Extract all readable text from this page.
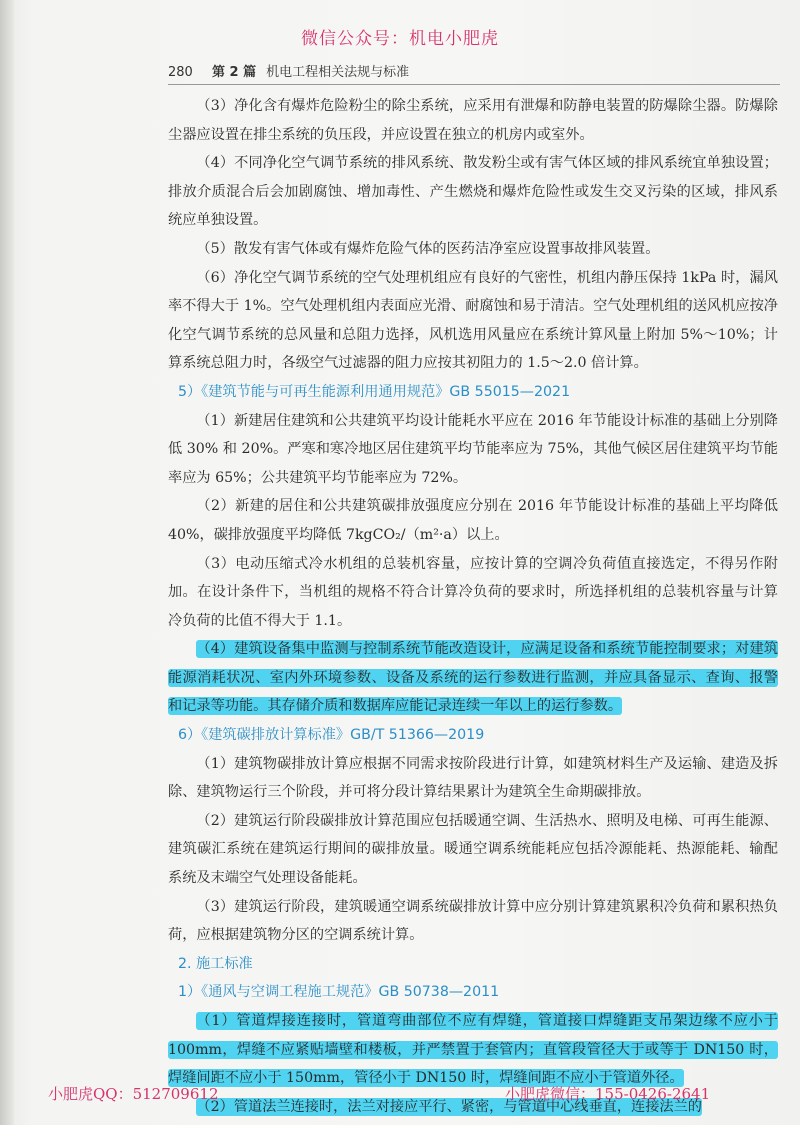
微信公众号：机电小肥虎
280 第 2 篇 机电工程相关法规与标准

（3）净化含有爆炸危险粉尘的除尘系统，应采用有泄爆和防静电装置的防爆除尘器。防爆除尘器应设置在排尘系统的负压段，并应设置在独立的机房内或室外。

（4）不同净化空气调节系统的排风系统、散发粉尘或有害气体区域的排风系统宜单独设置；排放介质混合后会加剧腐蚀、增加毒性、产生燃烧和爆炸危险性或发生交叉污染的区域，排风系统应单独设置。

（5）散发有害气体或有爆炸危险气体的医药洁净室应设置事故排风装置。

（6）净化空气调节系统的空气处理机组应有良好的气密性，机组内静压保持 1kPa 时，漏风率不得大于 1%。空气处理机组内表面应光滑、耐腐蚀和易于清洁。空气处理机组的送风机应按净化空气调节系统的总风量和总阻力选择，风机选用风量应在系统计算风量上附加 5%～10%；计算系统总阻力时，各级空气过滤器的阻力应按其初阻力的 1.5～2.0 倍计算。

5）《建筑节能与可再生能源利用通用规范》GB 55015—2021

（1）新建居住建筑和公共建筑平均设计能耗水平应在 2016 年节能设计标准的基础上分别降低 30% 和 20%。严寒和寒冷地区居住建筑平均节能率应为 75%，其他气候区居住建筑平均节能率应为 65%；公共建筑平均节能率应为 72%。

（2）新建的居住和公共建筑碳排放强度应分别在 2016 年节能设计标准的基础上平均降低 40%，碳排放强度平均降低 7kgCO₂/（m²·a）以上。

（3）电动压缩式冷水机组的总装机容量，应按计算的空调冷负荷值直接选定，不得另作附加。在设计条件下，当机组的规格不符合计算冷负荷的要求时，所选择机组的总装机容量与计算冷负荷的比值不得大于 1.1。

（4）建筑设备集中监测与控制系统节能改造设计，应满足设备和系统节能控制要求；对建筑能源消耗状况、室内外环境参数、设备及系统的运行参数进行监测，并应具备显示、查询、报警和记录等功能。其存储介质和数据库应能记录连续一年以上的运行参数。

6）《建筑碳排放计算标准》GB/T 51366—2019

（1）建筑物碳排放计算应根据不同需求按阶段进行计算，如建筑材料生产及运输、建造及拆除、建筑物运行三个阶段，并可将分段计算结果累计为建筑全生命期碳排放。

（2）建筑运行阶段碳排放计算范围应包括暖通空调、生活热水、照明及电梯、可再生能源、建筑碳汇系统在建筑运行期间的碳排放量。暖通空调系统能耗应包括冷源能耗、热源能耗、输配系统及末端空气处理设备能耗。

（3）建筑运行阶段，建筑暖通空调系统碳排放计算中应分别计算建筑累积冷负荷和累积热负荷，应根据建筑物分区的空调系统计算。

2. 施工标准

1）《通风与空调工程施工规范》GB 50738—2011

（1）管道焊接连接时，管道弯曲部位不应有焊缝，管道接口焊缝距支吊架边缘不应小于 100mm，焊缝不应紧贴墙壁和楼板，并严禁置于套管内；直管段管径大于或等于 DN150 时，焊缝间距不应小于 150mm，管径小于 DN150 时，焊缝间距不应小于管道外径。

（2）管道法兰连接时，法兰对接应平行、紧密，与管道中心线垂直，连接法兰的

小肥虎QQ：512709612	小肥虎微信：155-0426-2641
